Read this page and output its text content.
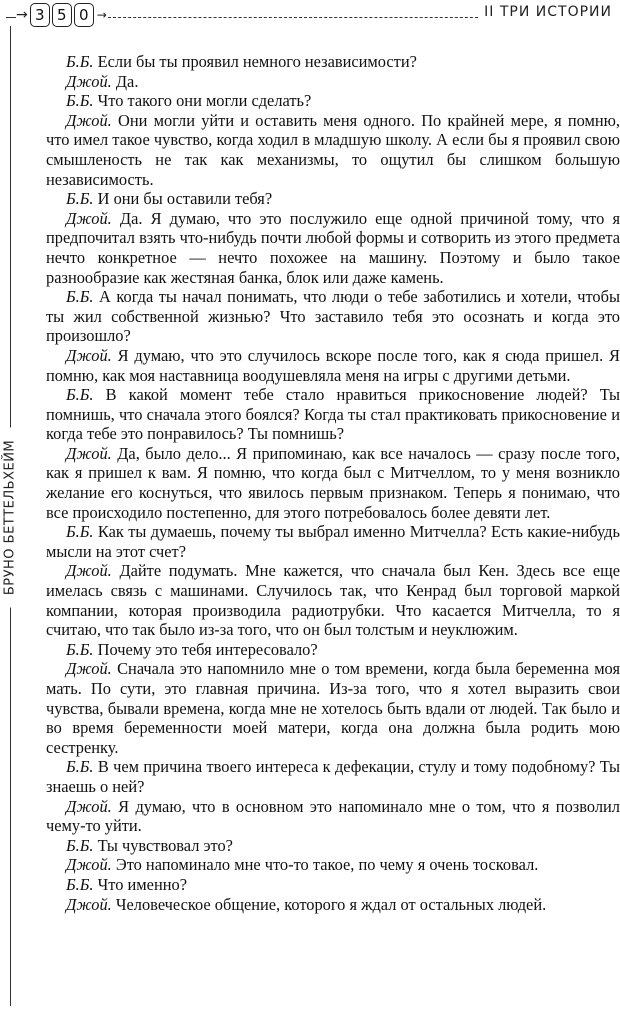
→ 3 5 0 →	II ТРИ ИСТОРИИ
БРУНО БЕТТЕЛЬХЕЙМ

Б.Б. Если бы ты проявил немного независимости?

Джой. Да.

Б.Б. Что такого они могли сделать?

Джой. Они могли уйти и оставить меня одного. По крайней мере, я помню, что имел такое чувство, когда ходил в младшую школу. А если бы я проявил свою смышленость не так как механизмы, то ощутил бы слишком большую независимость.

Б.Б. И они бы оставили тебя?

Джой. Да. Я думаю, что это послужило еще одной причиной тому, что я предпочитал взять что-нибудь почти любой формы и сотворить из этого предмета нечто конкретное — нечто похожее на машину. Поэтому и было такое разнообразие как жестяная банка, блок или даже камень.

Б.Б. А когда ты начал понимать, что люди о тебе заботились и хотели, чтобы ты жил собственной жизнью? Что заставило тебя это осознать и когда это произошло?

Джой. Я думаю, что это случилось вскоре после того, как я сюда пришел. Я помню, как моя наставница воодушевляла меня на игры с другими детьми.

Б.Б. В какой момент тебе стало нравиться прикосновение людей? Ты помнишь, что сначала этого боялся? Когда ты стал практиковать прикосновение и когда тебе это понравилось? Ты помнишь?

Джой. Да, было дело... Я припоминаю, как все началось — сразу после того, как я пришел к вам. Я помню, что когда был с Митчеллом, то у меня возникло желание его коснуться, что явилось первым признаком. Теперь я понимаю, что все происходило постепенно, для этого потребовалось более девяти лет.

Б.Б. Как ты думаешь, почему ты выбрал именно Митчелла? Есть какие-нибудь мысли на этот счет?

Джой. Дайте подумать. Мне кажется, что сначала был Кен. Здесь все еще имелась связь с машинами. Случилось так, что Кенрад был торговой маркой компании, которая производила радиотрубки. Что касается Митчелла, то я считаю, что так было из-за того, что он был толстым и неуклюжим.

Б.Б. Почему это тебя интересовало?

Джой. Сначала это напомнило мне о том времени, когда была беременна моя мать. По сути, это главная причина. Из-за того, что я хотел выразить свои чувства, бывали времена, когда мне не хотелось быть вдали от людей. Так было и во время беременности моей матери, когда она должна была родить мою сестренку.

Б.Б. В чем причина твоего интереса к дефекации, стулу и тому подобному? Ты знаешь о ней?

Джой. Я думаю, что в основном это напоминало мне о том, что я позволил чему-то уйти.

Б.Б. Ты чувствовал это?

Джой. Это напоминало мне что-то такое, по чему я очень тосковал.

Б.Б. Что именно?

Джой. Человеческое общение, которого я ждал от остальных людей.
